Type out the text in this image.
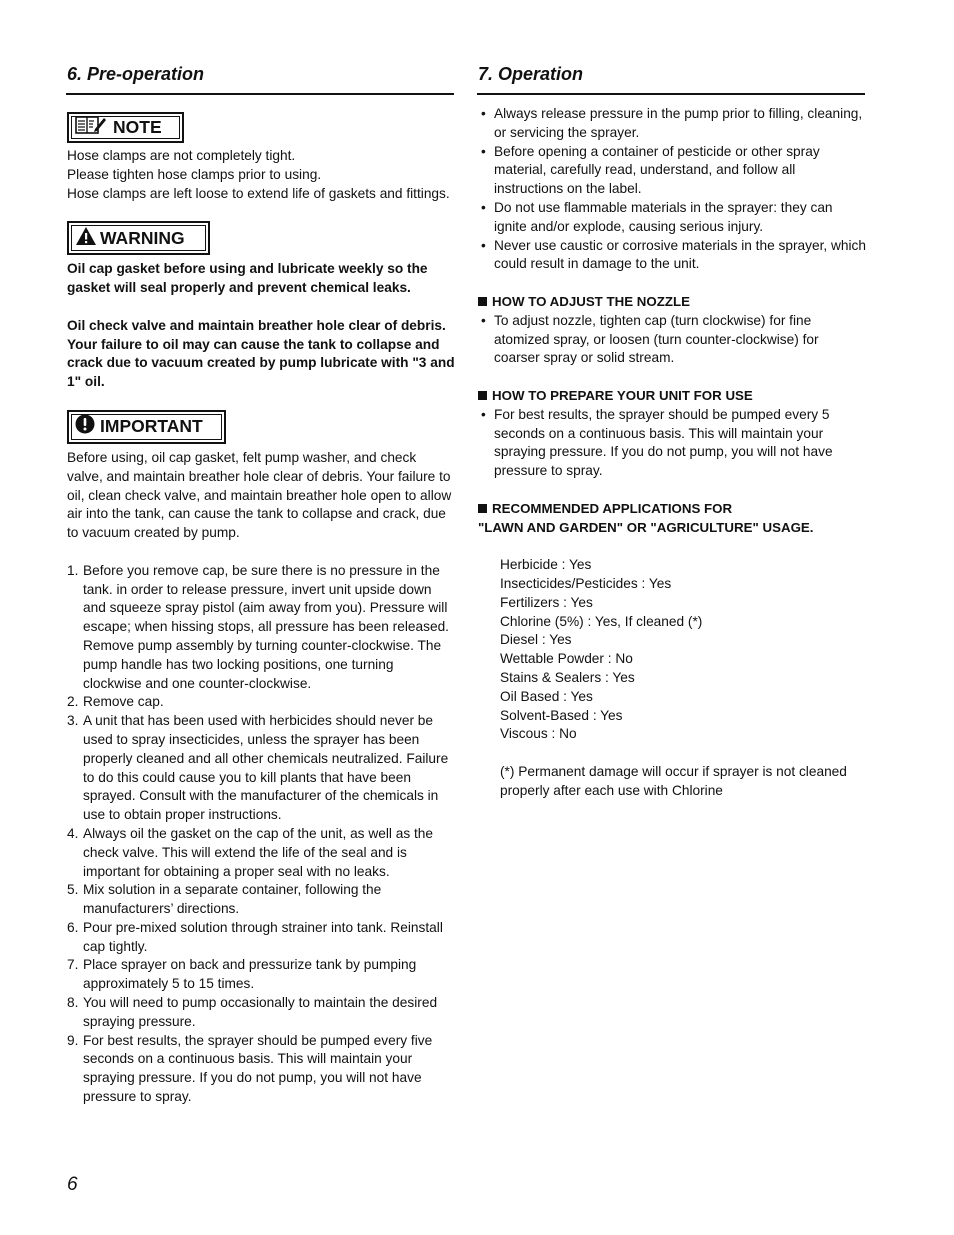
6. Pre-operation
NOTE

Hose clamps are not completely tight.

Please tighten hose clamps prior to using.

Hose clamps are left loose to extend life of gaskets and fittings.

WARNING

Oil cap gasket before using and lubricate weekly so the gasket will seal properly and prevent chemical leaks.

Oil check valve and maintain breather hole clear of debris. Your failure to oil may can cause the tank to collapse and crack due to vacuum created by pump lubricate with "3 and 1" oil.

IMPORTANT

Before using, oil cap gasket, felt pump washer, and check valve, and maintain breather hole clear of debris. Your failure to oil, clean check valve, and maintain breather hole open to allow air into the tank, can cause the tank to collapse and crack, due to vacuum created by pump.

1. Before you remove cap, be sure there is no pressure in the tank. in order to release pressure, invert unit upside down and squeeze spray pistol (aim away from you). Pressure will escape; when hissing stops, all pressure has been released. Remove pump assembly by turning counter-clockwise. The pump handle has two locking positions, one turning clockwise and one counter-clockwise.
2. Remove cap.
3. A unit that has been used with herbicides should never be used to spray insecticides, unless the sprayer has been properly cleaned and all other chemicals neutralized. Failure to do this could cause you to kill plants that have been sprayed. Consult with the manufacturer of the chemicals in use to obtain proper instructions.
4. Always oil the gasket on the cap of the unit, as well as the check valve. This will extend the life of the seal and is important for obtaining a proper seal with no leaks.
5. Mix solution in a separate container, following the manufacturers’ directions.
6. Pour pre-mixed solution through strainer into tank. Reinstall cap tightly.
7. Place sprayer on back and pressurize tank by pumping approximately 5 to 15 times.
8. You will need to pump occasionally to maintain the desired spraying pressure.
9. For best results, the sprayer should be pumped every five seconds on a continuous basis. This will maintain your spraying pressure. If you do not pump, you will not have pressure to spray.
7. Operation
• Always release pressure in the pump prior to filling, cleaning, or servicing the sprayer.
• Before opening a container of pesticide or other spray material, carefully read, understand, and follow all instructions on the label.
• Do not use flammable materials in the sprayer: they can ignite and/or explode, causing serious injury.
• Never use caustic or corrosive materials in the sprayer, which could result in damage to the unit.
HOW TO ADJUST THE NOZZLE
• To adjust nozzle, tighten cap (turn clockwise) for fine atomized spray, or loosen (turn counter-clockwise) for coarser spray or solid stream.
HOW TO PREPARE YOUR UNIT FOR USE
• For best results, the sprayer should be pumped every 5 seconds on a continuous basis. This will maintain your spraying pressure. If you do not pump, you will not have pressure to spray.
RECOMMENDED APPLICATIONS FOR
"LAWN AND GARDEN" OR "AGRICULTURE" USAGE.

Herbicide : Yes

Insecticides/Pesticides : Yes

Fertilizers : Yes

Chlorine (5%) : Yes, If cleaned (*)

Diesel : Yes

Wettable Powder : No

Stains & Sealers : Yes

Oil Based : Yes

Solvent-Based : Yes

Viscous : No

(*) Permanent damage will occur if sprayer is not cleaned properly after each use with Chlorine

6
